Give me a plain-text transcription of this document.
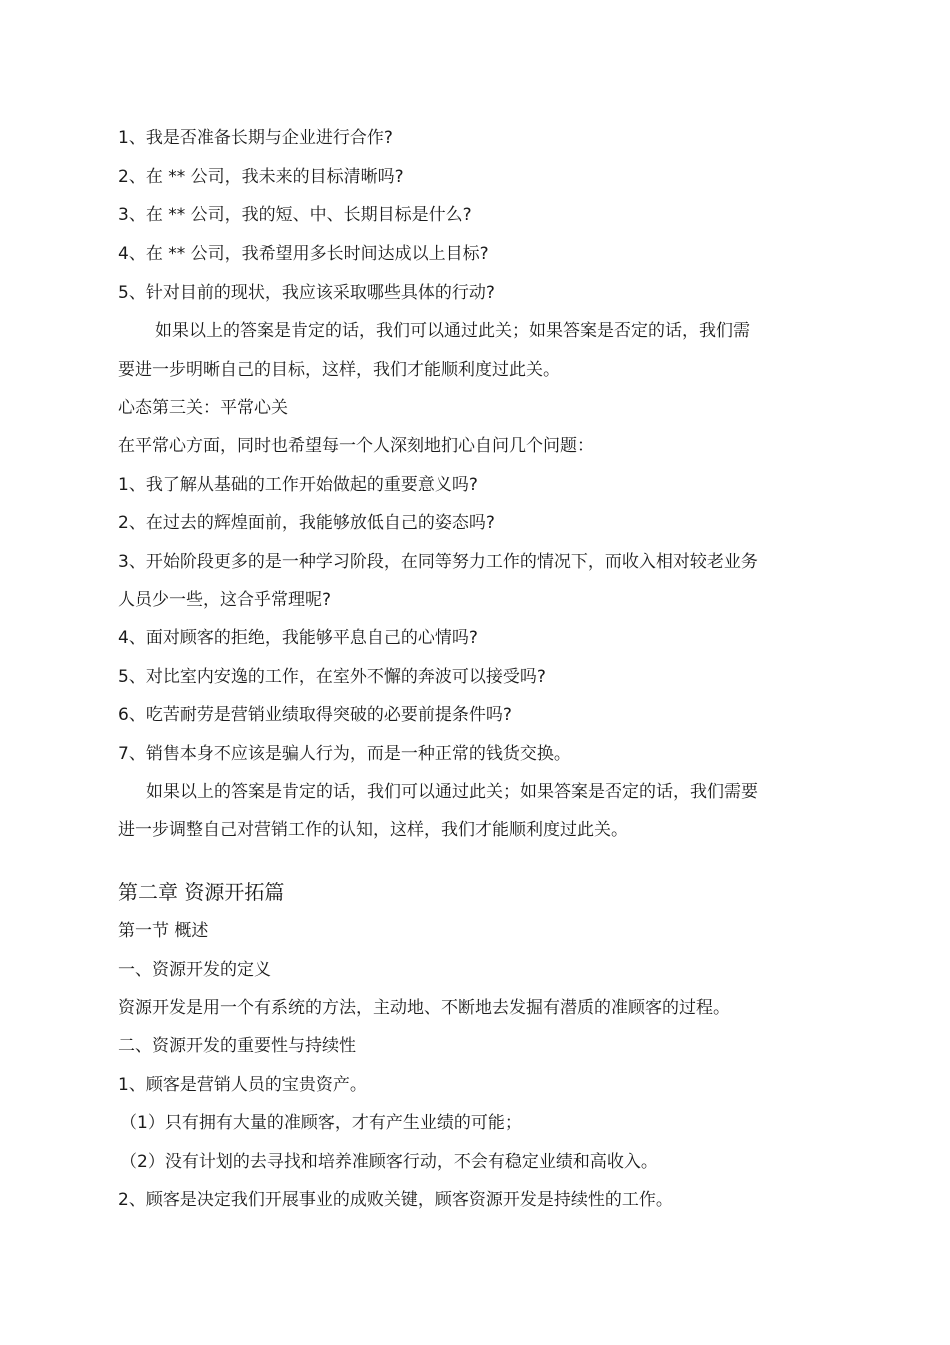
1、我是否准备长期与企业进行合作?
2、在 ** 公司，我未来的目标清晰吗?
3、在 ** 公司，我的短、中、长期目标是什么?
4、在 ** 公司，我希望用多长时间达成以上目标?
5、针对目前的现状，我应该采取哪些具体的行动?
如果以上的答案是肯定的话，我们可以通过此关；如果答案是否定的话，我们需
要进一步明晰自己的目标，这样，我们才能顺利度过此关。
心态第三关：平常心关
在平常心方面，同时也希望每一个人深刻地扪心自问几个问题：
1、我了解从基础的工作开始做起的重要意义吗?
2、在过去的辉煌面前，我能够放低自己的姿态吗?
3、开始阶段更多的是一种学习阶段，在同等努力工作的情况下，而收入相对较老业务
人员少一些，这合乎常理呢?
4、面对顾客的拒绝，我能够平息自己的心情吗?
5、对比室内安逸的工作，在室外不懈的奔波可以接受吗?
6、吃苦耐劳是营销业绩取得突破的必要前提条件吗?
7、销售本身不应该是骗人行为，而是一种正常的钱货交换。
如果以上的答案是肯定的话，我们可以通过此关；如果答案是否定的话，我们需要
进一步调整自己对营销工作的认知，这样，我们才能顺利度过此关。
第二章 资源开拓篇
第一节 概述
一、资源开发的定义
资源开发是用一个有系统的方法，主动地、不断地去发掘有潜质的准顾客的过程。
二、资源开发的重要性与持续性
1、顾客是营销人员的宝贵资产。
（1）只有拥有大量的准顾客，才有产生业绩的可能；
（2）没有计划的去寻找和培养准顾客行动，不会有稳定业绩和高收入。
2、顾客是决定我们开展事业的成败关键，顾客资源开发是持续性的工作。
